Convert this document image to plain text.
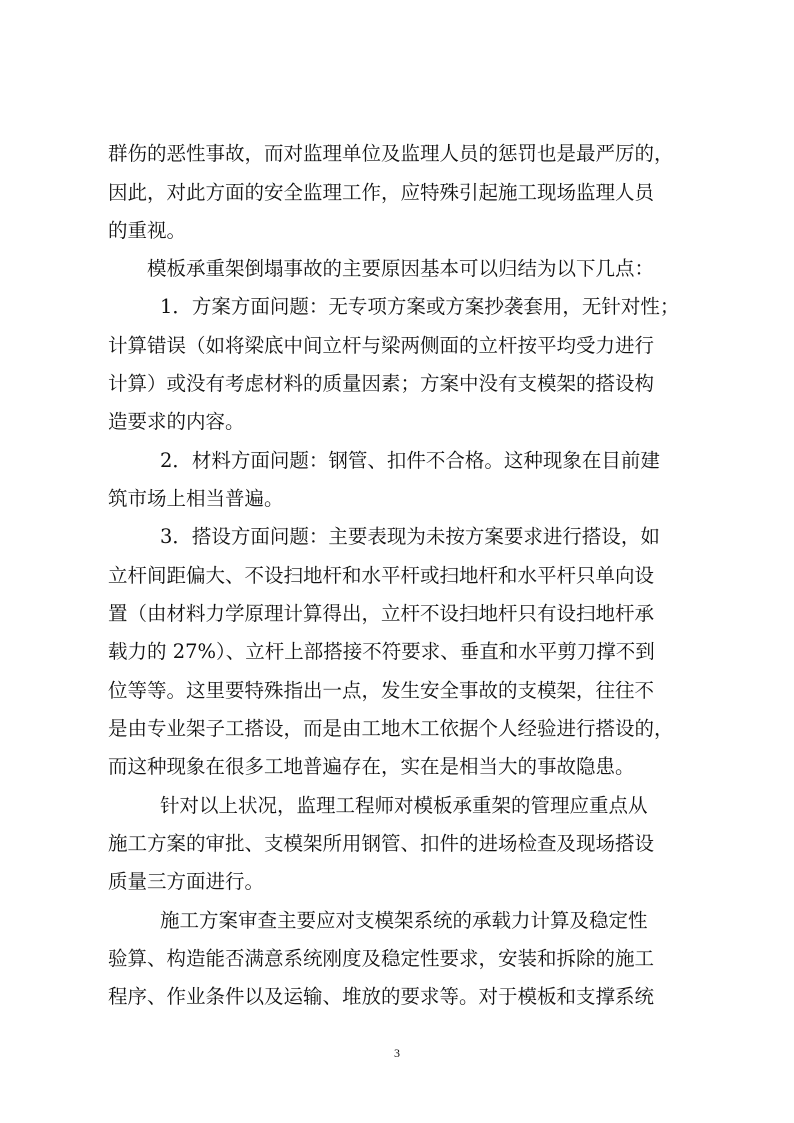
群伤的恶性事故，而对监理单位及监理人员的惩罚也是最严厉的，
因此，对此方面的安全监理工作，应特殊引起施工现场监理人员
的重视。
模板承重架倒塌事故的主要原因基本可以归结为以下几点：
1．方案方面问题：无专项方案或方案抄袭套用，无针对性；
计算错误（如将梁底中间立杆与梁两侧面的立杆按平均受力进行
计算）或没有考虑材料的质量因素；方案中没有支模架的搭设构
造要求的内容。
2．材料方面问题：钢管、扣件不合格。这种现象在目前建
筑市场上相当普遍。
3．搭设方面问题：主要表现为未按方案要求进行搭设，如
立杆间距偏大、不设扫地杆和水平杆或扫地杆和水平杆只单向设
置（由材料力学原理计算得出，立杆不设扫地杆只有设扫地杆承
载力的 27%）、立杆上部搭接不符要求、垂直和水平剪刀撑不到
位等等。这里要特殊指出一点，发生安全事故的支模架，往往不
是由专业架子工搭设，而是由工地木工依据个人经验进行搭设的，
而这种现象在很多工地普遍存在，实在是相当大的事故隐患。
针对以上状况，监理工程师对模板承重架的管理应重点从
施工方案的审批、支模架所用钢管、扣件的进场检查及现场搭设
质量三方面进行。
施工方案审查主要应对支模架系统的承载力计算及稳定性
验算、构造能否满意系统刚度及稳定性要求，安装和拆除的施工
程序、作业条件以及运输、堆放的要求等。对于模板和支撑系统
3
